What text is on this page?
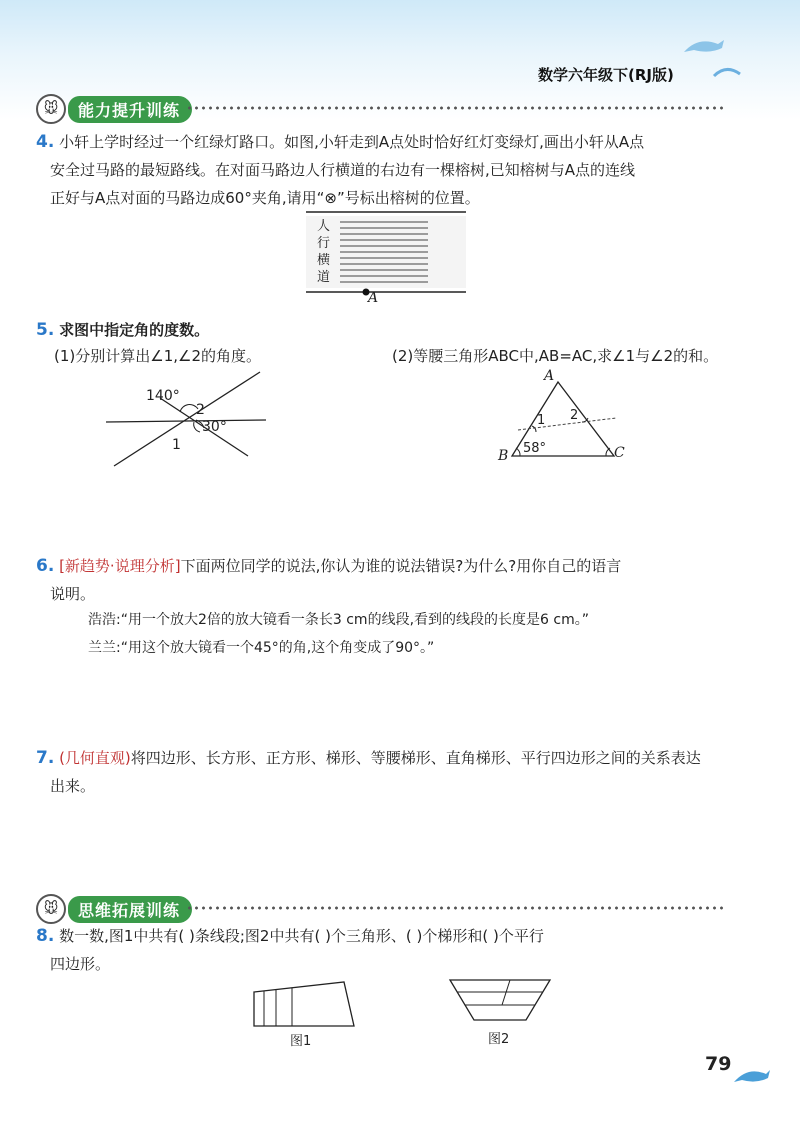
数学六年级下(RJ版)
🐭	能力提升训练
4. 小轩上学时经过一个红绿灯路口。如图,小轩走到A点处时恰好红灯变绿灯,画出小轩从A点
安全过马路的最短路线。在对面马路边人行横道的右边有一棵榕树,已知榕树与A点的连线
正好与A点对面的马路边成60°夹角,请用“⊗”号标出榕树的位置。
人
行
横
道
A
5. 求图中指定角的度数。
(1)分别计算出∠1,∠2的角度。	(2)等腰三角形ABC中,AB=AC,求∠1与∠2的和。
140°
2
30°
1
A
B	C
58°
1 2
6. [新趋势·说理分析]下面两位同学的说法,你认为谁的说法错误?为什么?用你自己的语言
说明。
浩浩:“用一个放大2倍的放大镜看一条长3 cm的线段,看到的线段的长度是6 cm。”
兰兰:“用这个放大镜看一个45°的角,这个角变成了90°。”
7. (几何直观)将四边形、长方形、正方形、梯形、等腰梯形、直角梯形、平行四边形之间的关系表达
出来。
🐭	思维拓展训练
8. 数一数,图1中共有( )条线段;图2中共有( )个三角形、( )个梯形和( )个平行
四边形。
图1	图2
79
